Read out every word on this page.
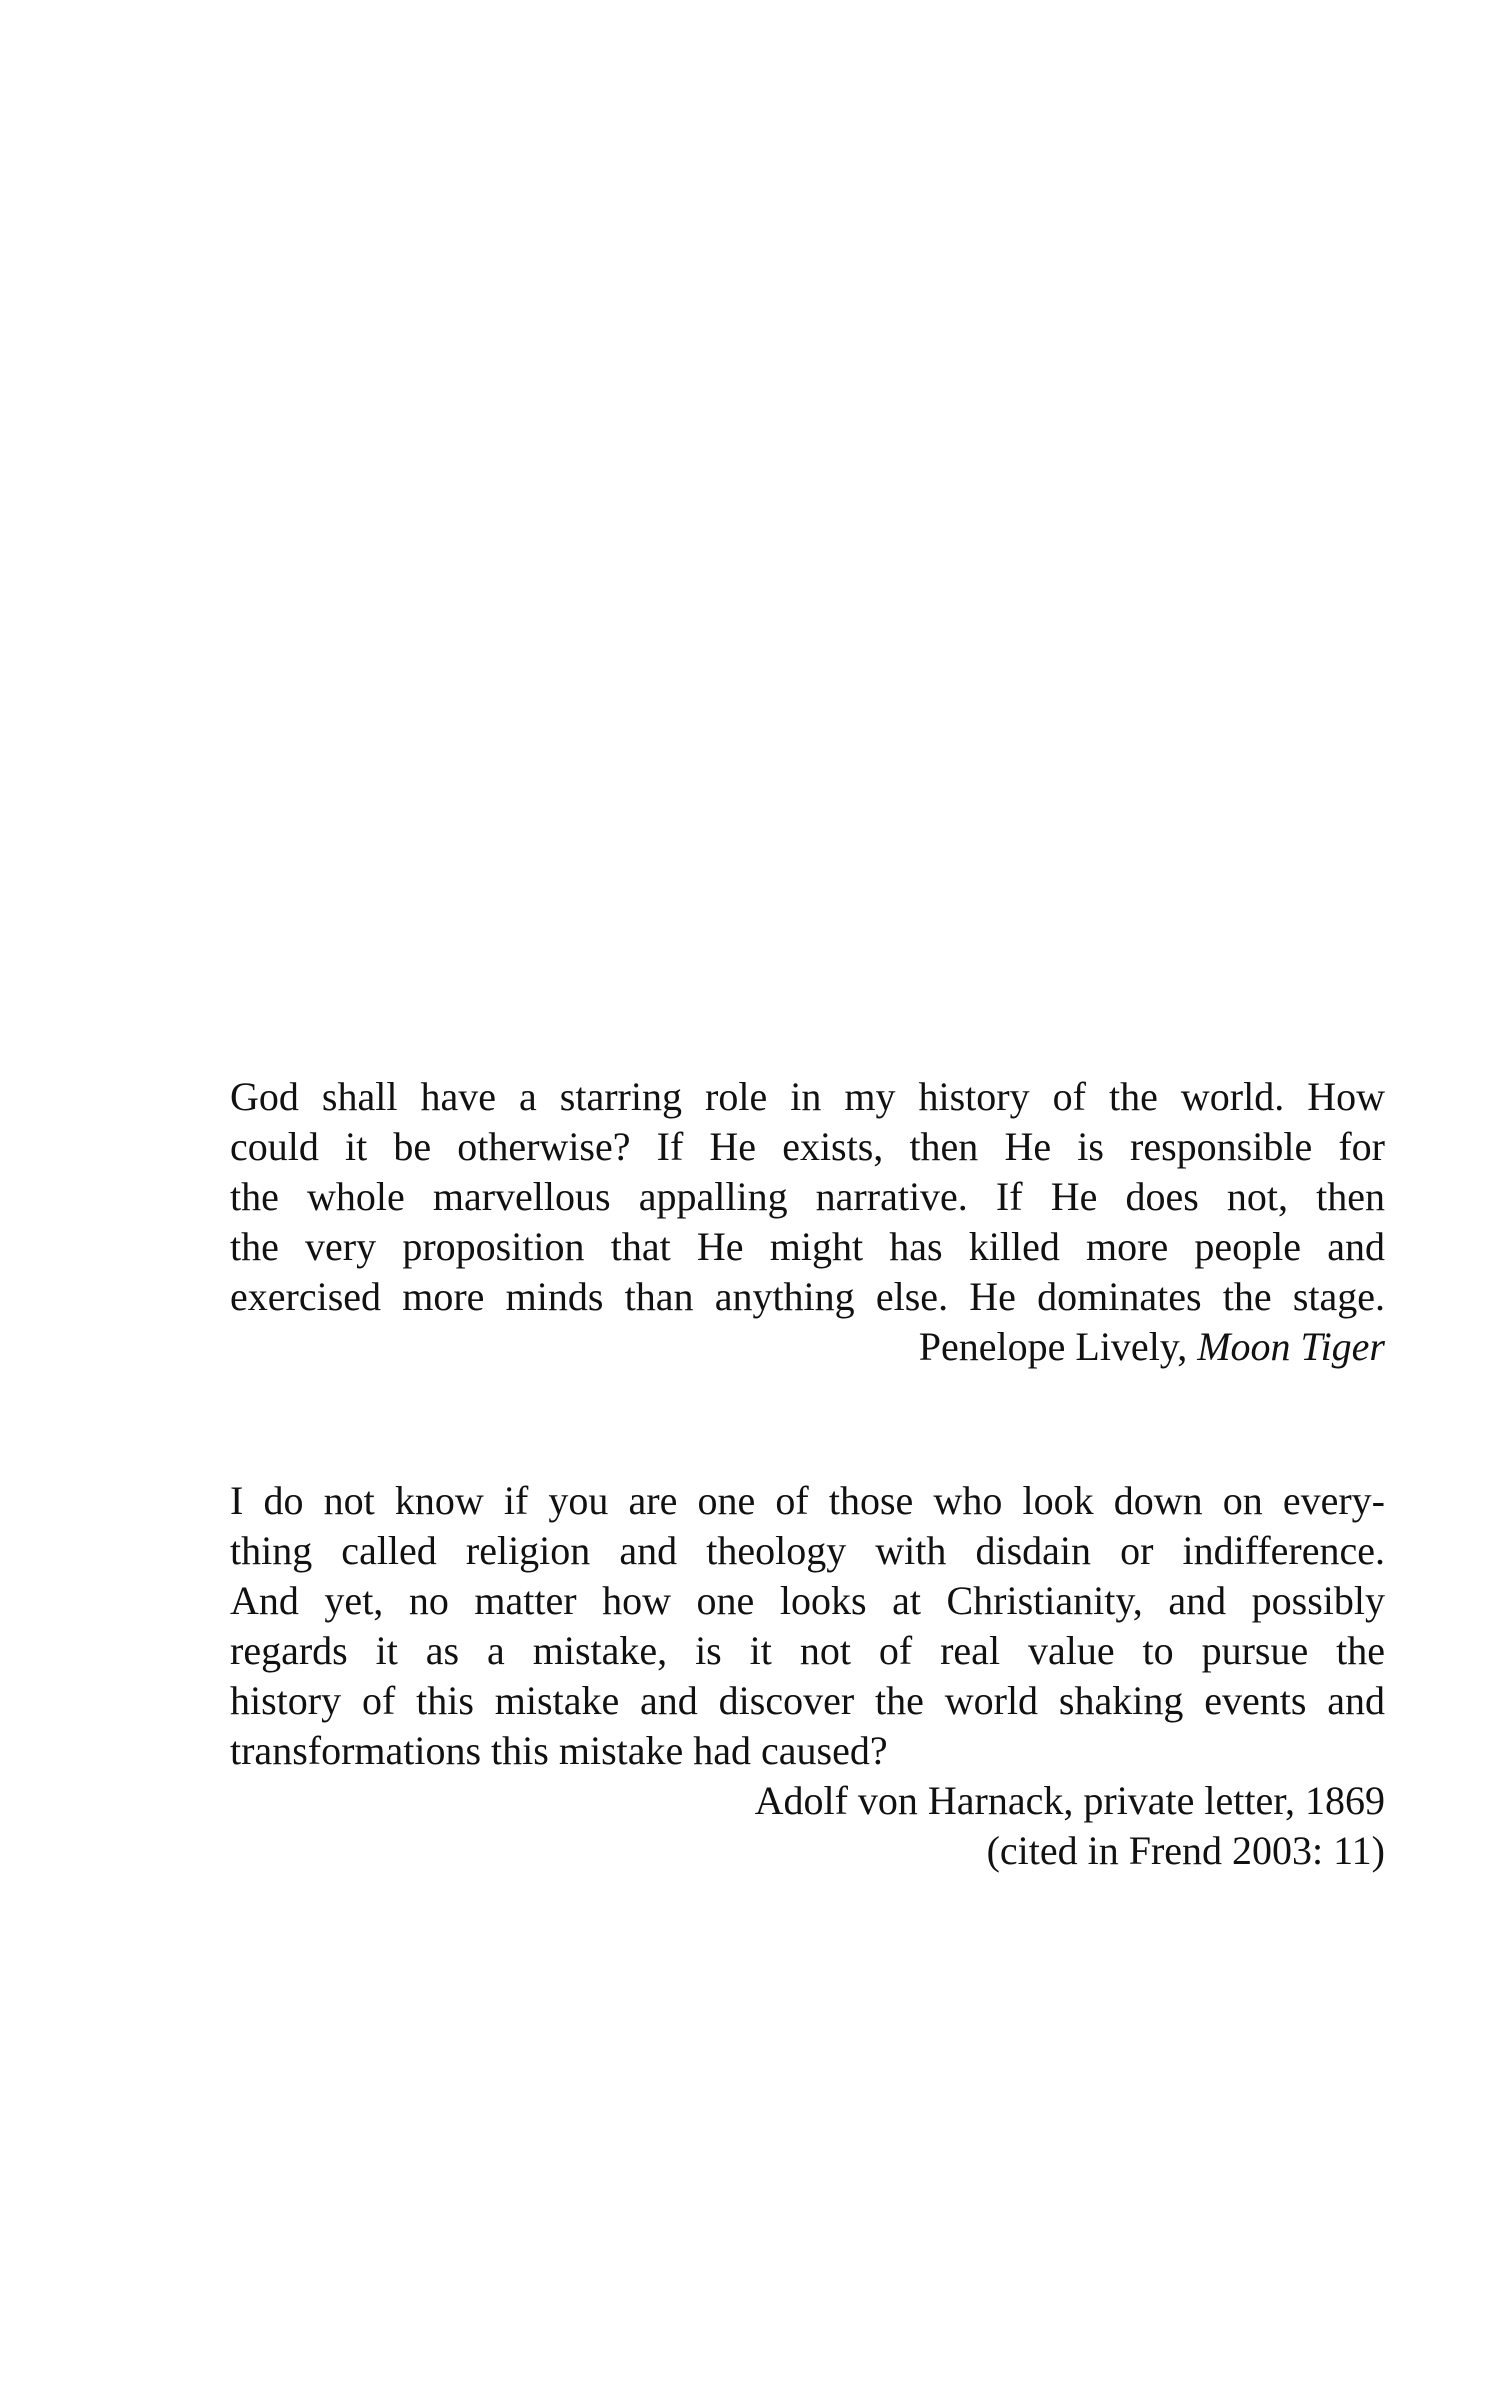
God shall have a starring role in my history of the world. How
could it be otherwise? If He exists, then He is responsible for
the whole marvellous appalling narrative. If He does not, then
the very proposition that He might has killed more people and
exercised more minds than anything else. He dominates the stage.
Penelope Lively, Moon Tiger
I do not know if you are one of those who look down on every-
thing called religion and theology with disdain or indifference.
And yet, no matter how one looks at Christianity, and possibly
regards it as a mistake, is it not of real value to pursue the
history of this mistake and discover the world shaking events and
transformations this mistake had caused?
Adolf von Harnack, private letter, 1869
(cited in Frend 2003: 11)
